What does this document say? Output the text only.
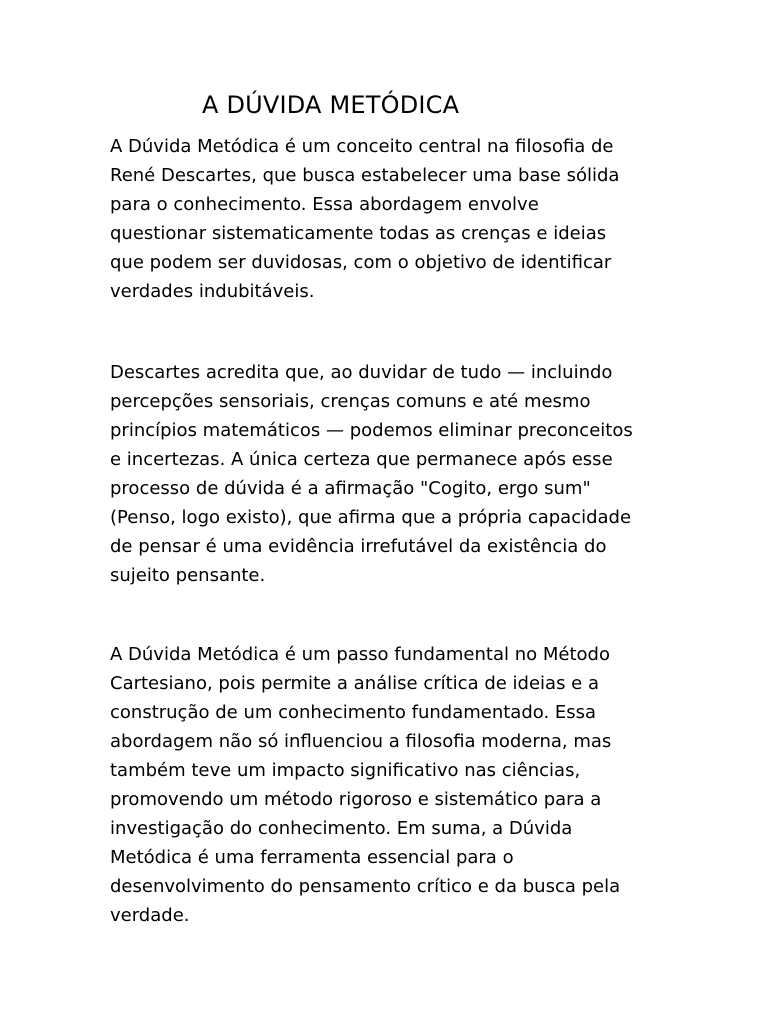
A DÚVIDA METÓDICA

A Dúvida Metódica é um conceito central na filosofia de
René Descartes, que busca estabelecer uma base sólida
para o conhecimento. Essa abordagem envolve
questionar sistematicamente todas as crenças e ideias
que podem ser duvidosas, com o objetivo de identificar
verdades indubitáveis.

Descartes acredita que, ao duvidar de tudo — incluindo
percepções sensoriais, crenças comuns e até mesmo
princípios matemáticos — podemos eliminar preconceitos
e incertezas. A única certeza que permanece após esse
processo de dúvida é a afirmação "Cogito, ergo sum"
(Penso, logo existo), que afirma que a própria capacidade
de pensar é uma evidência irrefutável da existência do
sujeito pensante.

A Dúvida Metódica é um passo fundamental no Método
Cartesiano, pois permite a análise crítica de ideias e a
construção de um conhecimento fundamentado. Essa
abordagem não só influenciou a filosofia moderna, mas
também teve um impacto significativo nas ciências,
promovendo um método rigoroso e sistemático para a
investigação do conhecimento. Em suma, a Dúvida
Metódica é uma ferramenta essencial para o
desenvolvimento do pensamento crítico e da busca pela
verdade.
